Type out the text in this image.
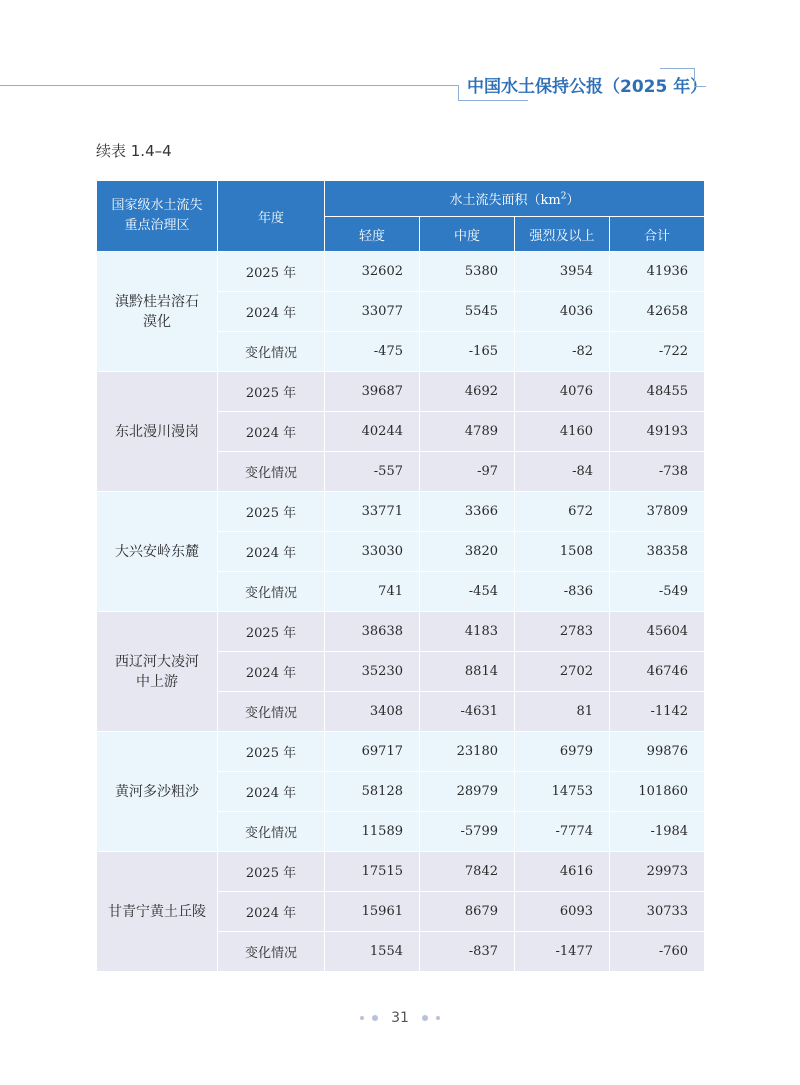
中国水土保持公报（2025 年）
续表 1.4–4
国家级水土流失重点治理区	年度	水土流失面积$(km^2)$			
		轻度	中度	强烈及以上	合计
滇黔桂岩溶石漠化	2025 年	32602	5380	3954	41936
	2024 年	33077	5545	4036	42658
	变化情况	-475	-165	-82	-722
东北漫川漫岗	2025 年	39687	4692	4076	48455
	2024 年	40244	4789	4160	49193
	变化情况	-557	-97	-84	-738
大兴安岭东麓	2025 年	33771	3366	672	37809
	2024 年	33030	3820	1508	38358
	变化情况	741	-454	-836	-549
西辽河大凌河中上游	2025 年	38638	4183	2783	45604
	2024 年	35230	8814	2702	46746
	变化情况	3408	-4631	81	-1142
黄河多沙粗沙	2025 年	69717	23180	6979	99876
	2024 年	58128	28979	14753	101860
	变化情况	11589	-5799	-7774	-1984
甘青宁黄土丘陵	2025 年	17515	7842	4616	29973
	2024 年	15961	8679	6093	30733
	变化情况	1554	-837	-1477	-760
31
